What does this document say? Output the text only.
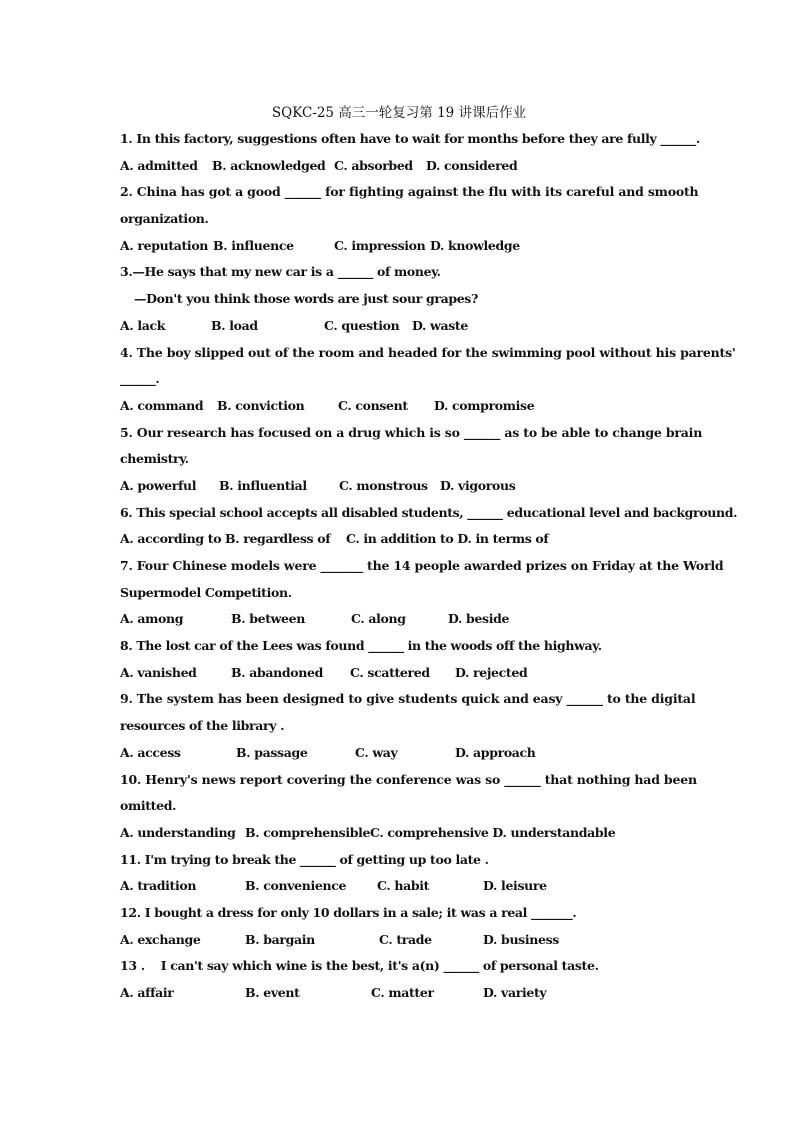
SQKC-25 高三一轮复习第 19 讲课后作业
1. In this factory, suggestions often have to wait for months before they are fully ______.
A. admitted	B. acknowledged C. absorbed	D. considered
2. China has got a good ______ for fighting against the flu with its careful and smooth
organization.
A. reputation B. influence	C. impression D. knowledge
3.—He says that my new car is a ______ of money.
—Don't you think those words are just sour grapes?
A. lack	B. load	C. question	D. waste
4. The boy slipped out of the room and headed for the swimming pool without his parents'
______.
A. command	B. conviction	C. consent	D. compromise
5. Our research has focused on a drug which is so ______ as to be able to change brain
chemistry.
A. powerful	B. influential	C. monstrous D. vigorous
6. This special school accepts all disabled students, ______ educational level and background.
A. according to B. regardless of	C. in addition to D. in terms of
7. Four Chinese models were _______ the 14 people awarded prizes on Friday at the World
Supermodel Competition.
A. among	B. between	C. along	D. beside
8. The lost car of the Lees was found ______ in the woods off the highway.
A. vanished	B. abandoned	C. scattered	D. rejected
9. The system has been designed to give students quick and easy ______ to the digital
resources of the library .
A. access	B. passage	C. way	D. approach
10. Henry's news report covering the conference was so ______ that nothing had been
omitted.
A. understanding B. comprehensible C. comprehensive D. understandable
11. I'm trying to break the ______ of getting up too late .
A. tradition	B. convenience	C. habit	D. leisure
12. I bought a dress for only 10 dollars in a sale; it was a real _______.
A. exchange	B. bargain	C. trade	D. business
13 .    I can't say which wine is the best, it's a(n) ______ of personal taste.
A. affair	B. event	C. matter	D. variety
